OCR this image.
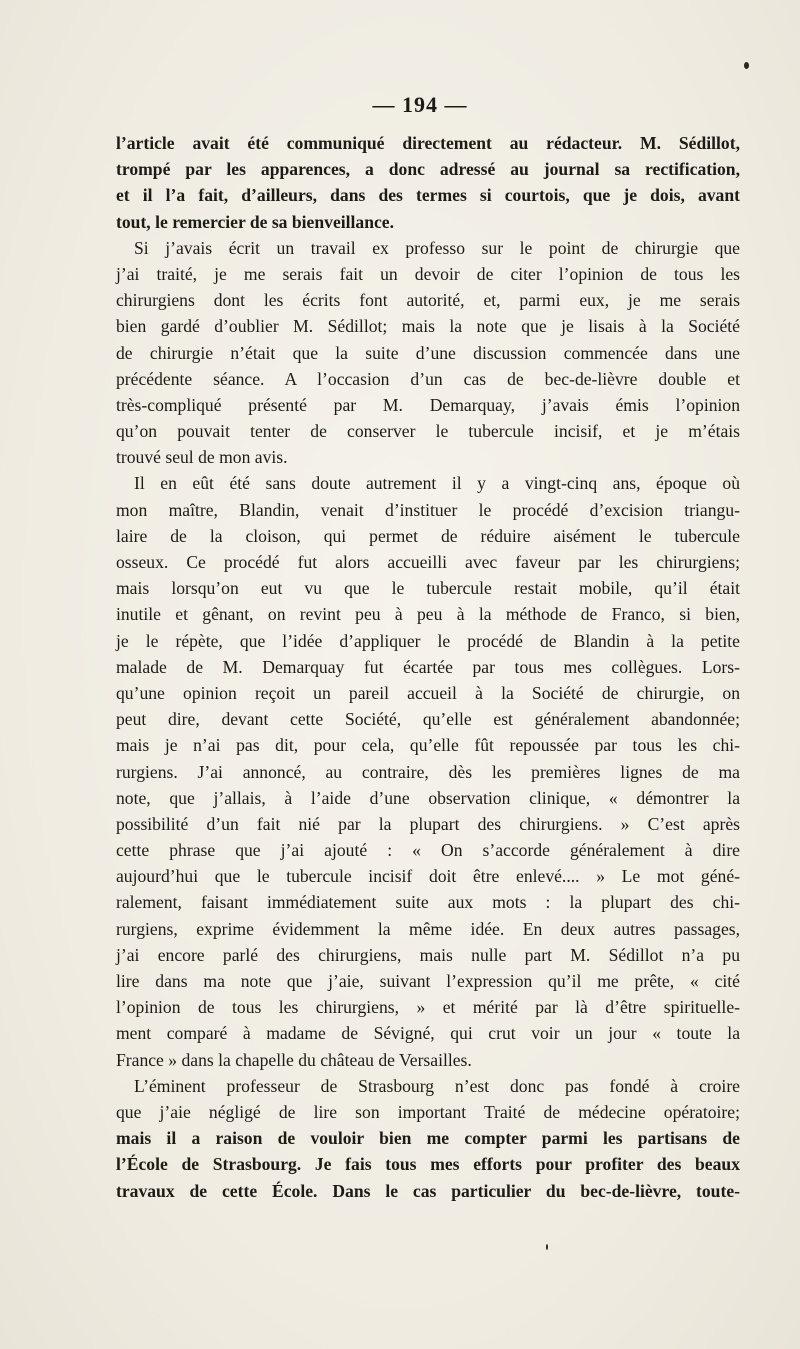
— 194 —
l’article avait été communiqué directement au rédacteur. M. Sédillot,
trompé par les apparences, a donc adressé au journal sa rectification,
et il l’a fait, d’ailleurs, dans des termes si courtois, que je dois, avant
tout, le remercier de sa bienveillance.
Si j’avais écrit un travail ex professo sur le point de chirurgie que
j’ai traité, je me serais fait un devoir de citer l’opinion de tous les
chirurgiens dont les écrits font autorité, et, parmi eux, je me serais
bien gardé d’oublier M. Sédillot; mais la note que je lisais à la Société
de chirurgie n’était que la suite d’une discussion commencée dans une
précédente séance. A l’occasion d’un cas de bec-de-lièvre double et
très-compliqué présenté par M. Demarquay, j’avais émis l’opinion
qu’on pouvait tenter de conserver le tubercule incisif, et je m’étais
trouvé seul de mon avis.
Il en eût été sans doute autrement il y a vingt-cinq ans, époque où
mon maître, Blandin, venait d’instituer le procédé d’excision triangu-
laire de la cloison, qui permet de réduire aisément le tubercule
osseux. Ce procédé fut alors accueilli avec faveur par les chirurgiens;
mais lorsqu’on eut vu que le tubercule restait mobile, qu’il était
inutile et gênant, on revint peu à peu à la méthode de Franco, si bien,
je le répète, que l’idée d’appliquer le procédé de Blandin à la petite
malade de M. Demarquay fut écartée par tous mes collègues. Lors-
qu’une opinion reçoit un pareil accueil à la Société de chirurgie, on
peut dire, devant cette Société, qu’elle est généralement abandonnée;
mais je n’ai pas dit, pour cela, qu’elle fût repoussée par tous les chi-
rurgiens. J’ai annoncé, au contraire, dès les premières lignes de ma
note, que j’allais, à l’aide d’une observation clinique, « démontrer la
possibilité d’un fait nié par la plupart des chirurgiens. » C’est après
cette phrase que j’ai ajouté : « On s’accorde généralement à dire
aujourd’hui que le tubercule incisif doit être enlevé.... » Le mot géné-
ralement, faisant immédiatement suite aux mots : la plupart des chi-
rurgiens, exprime évidemment la même idée. En deux autres passages,
j’ai encore parlé des chirurgiens, mais nulle part M. Sédillot n’a pu
lire dans ma note que j’aie, suivant l’expression qu’il me prête, « cité
l’opinion de tous les chirurgiens, » et mérité par là d’être spirituelle-
ment comparé à madame de Sévigné, qui crut voir un jour « toute la
France » dans la chapelle du château de Versailles.
L’éminent professeur de Strasbourg n’est donc pas fondé à croire
que j’aie négligé de lire son important Traité de médecine opératoire;
mais il a raison de vouloir bien me compter parmi les partisans de
l’École de Strasbourg. Je fais tous mes efforts pour profiter des beaux
travaux de cette École. Dans le cas particulier du bec-de-lièvre, toute-
